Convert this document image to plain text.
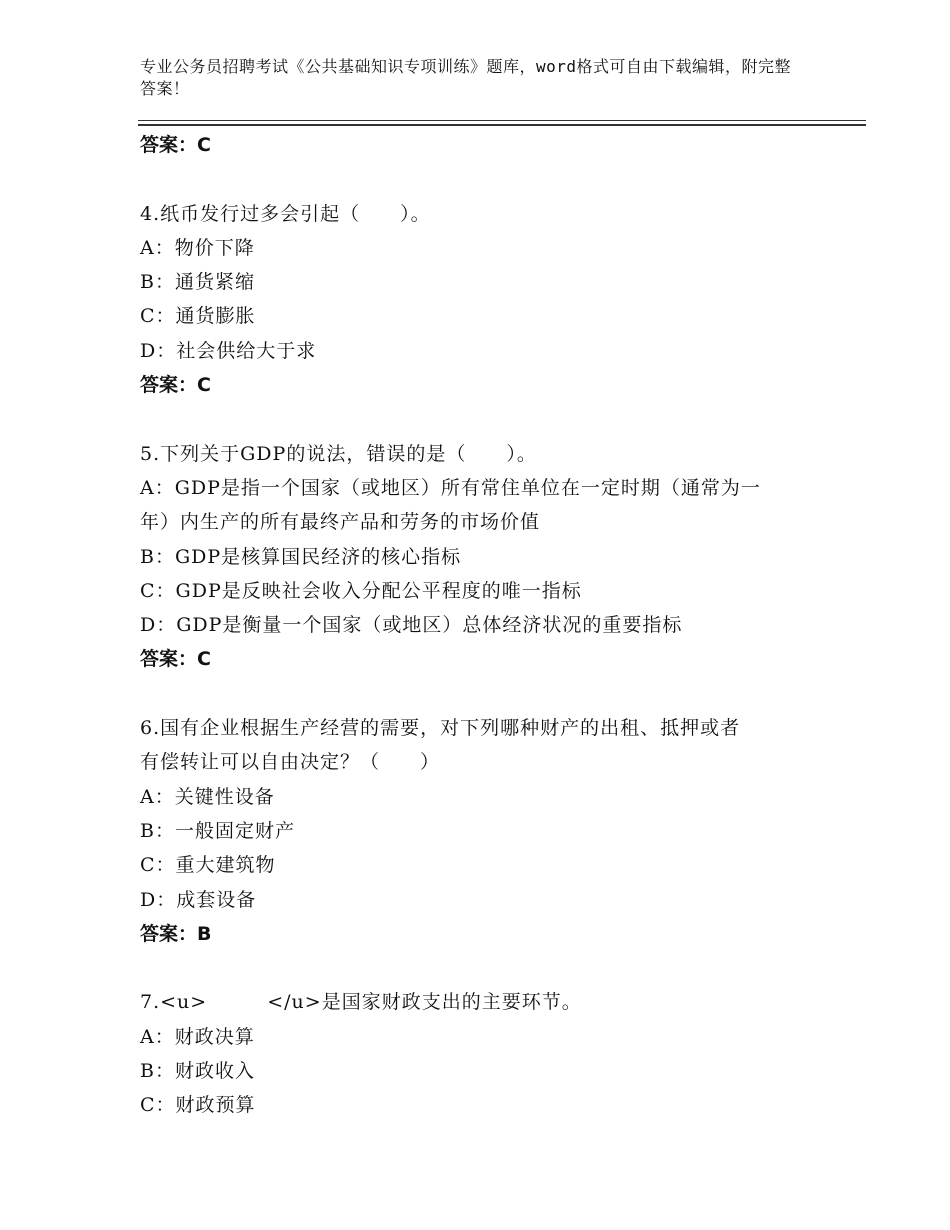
专业公务员招聘考试《公共基础知识专项训练》题库，word格式可自由下载编辑，附完整答案！
答案：C
4.纸币发行过多会引起（　　）。
A：物价下降
B：通货紧缩
C：通货膨胀
D：社会供给大于求
答案：C
5.下列关于GDP的说法，错误的是（　　）。
A：GDP是指一个国家（或地区）所有常住单位在一定时期（通常为一
年）内生产的所有最终产品和劳务的市场价值
B：GDP是核算国民经济的核心指标
C：GDP是反映社会收入分配公平程度的唯一指标
D：GDP是衡量一个国家（或地区）总体经济状况的重要指标
答案：C
6.国有企业根据生产经营的需要，对下列哪种财产的出租、抵押或者
有偿转让可以自由决定？（　　）
A：关键性设备
B：一般固定财产
C：重大建筑物
D：成套设备
答案：B
7.<u>	</u>是国家财政支出的主要环节。
A：财政决算
B：财政收入
C：财政预算
